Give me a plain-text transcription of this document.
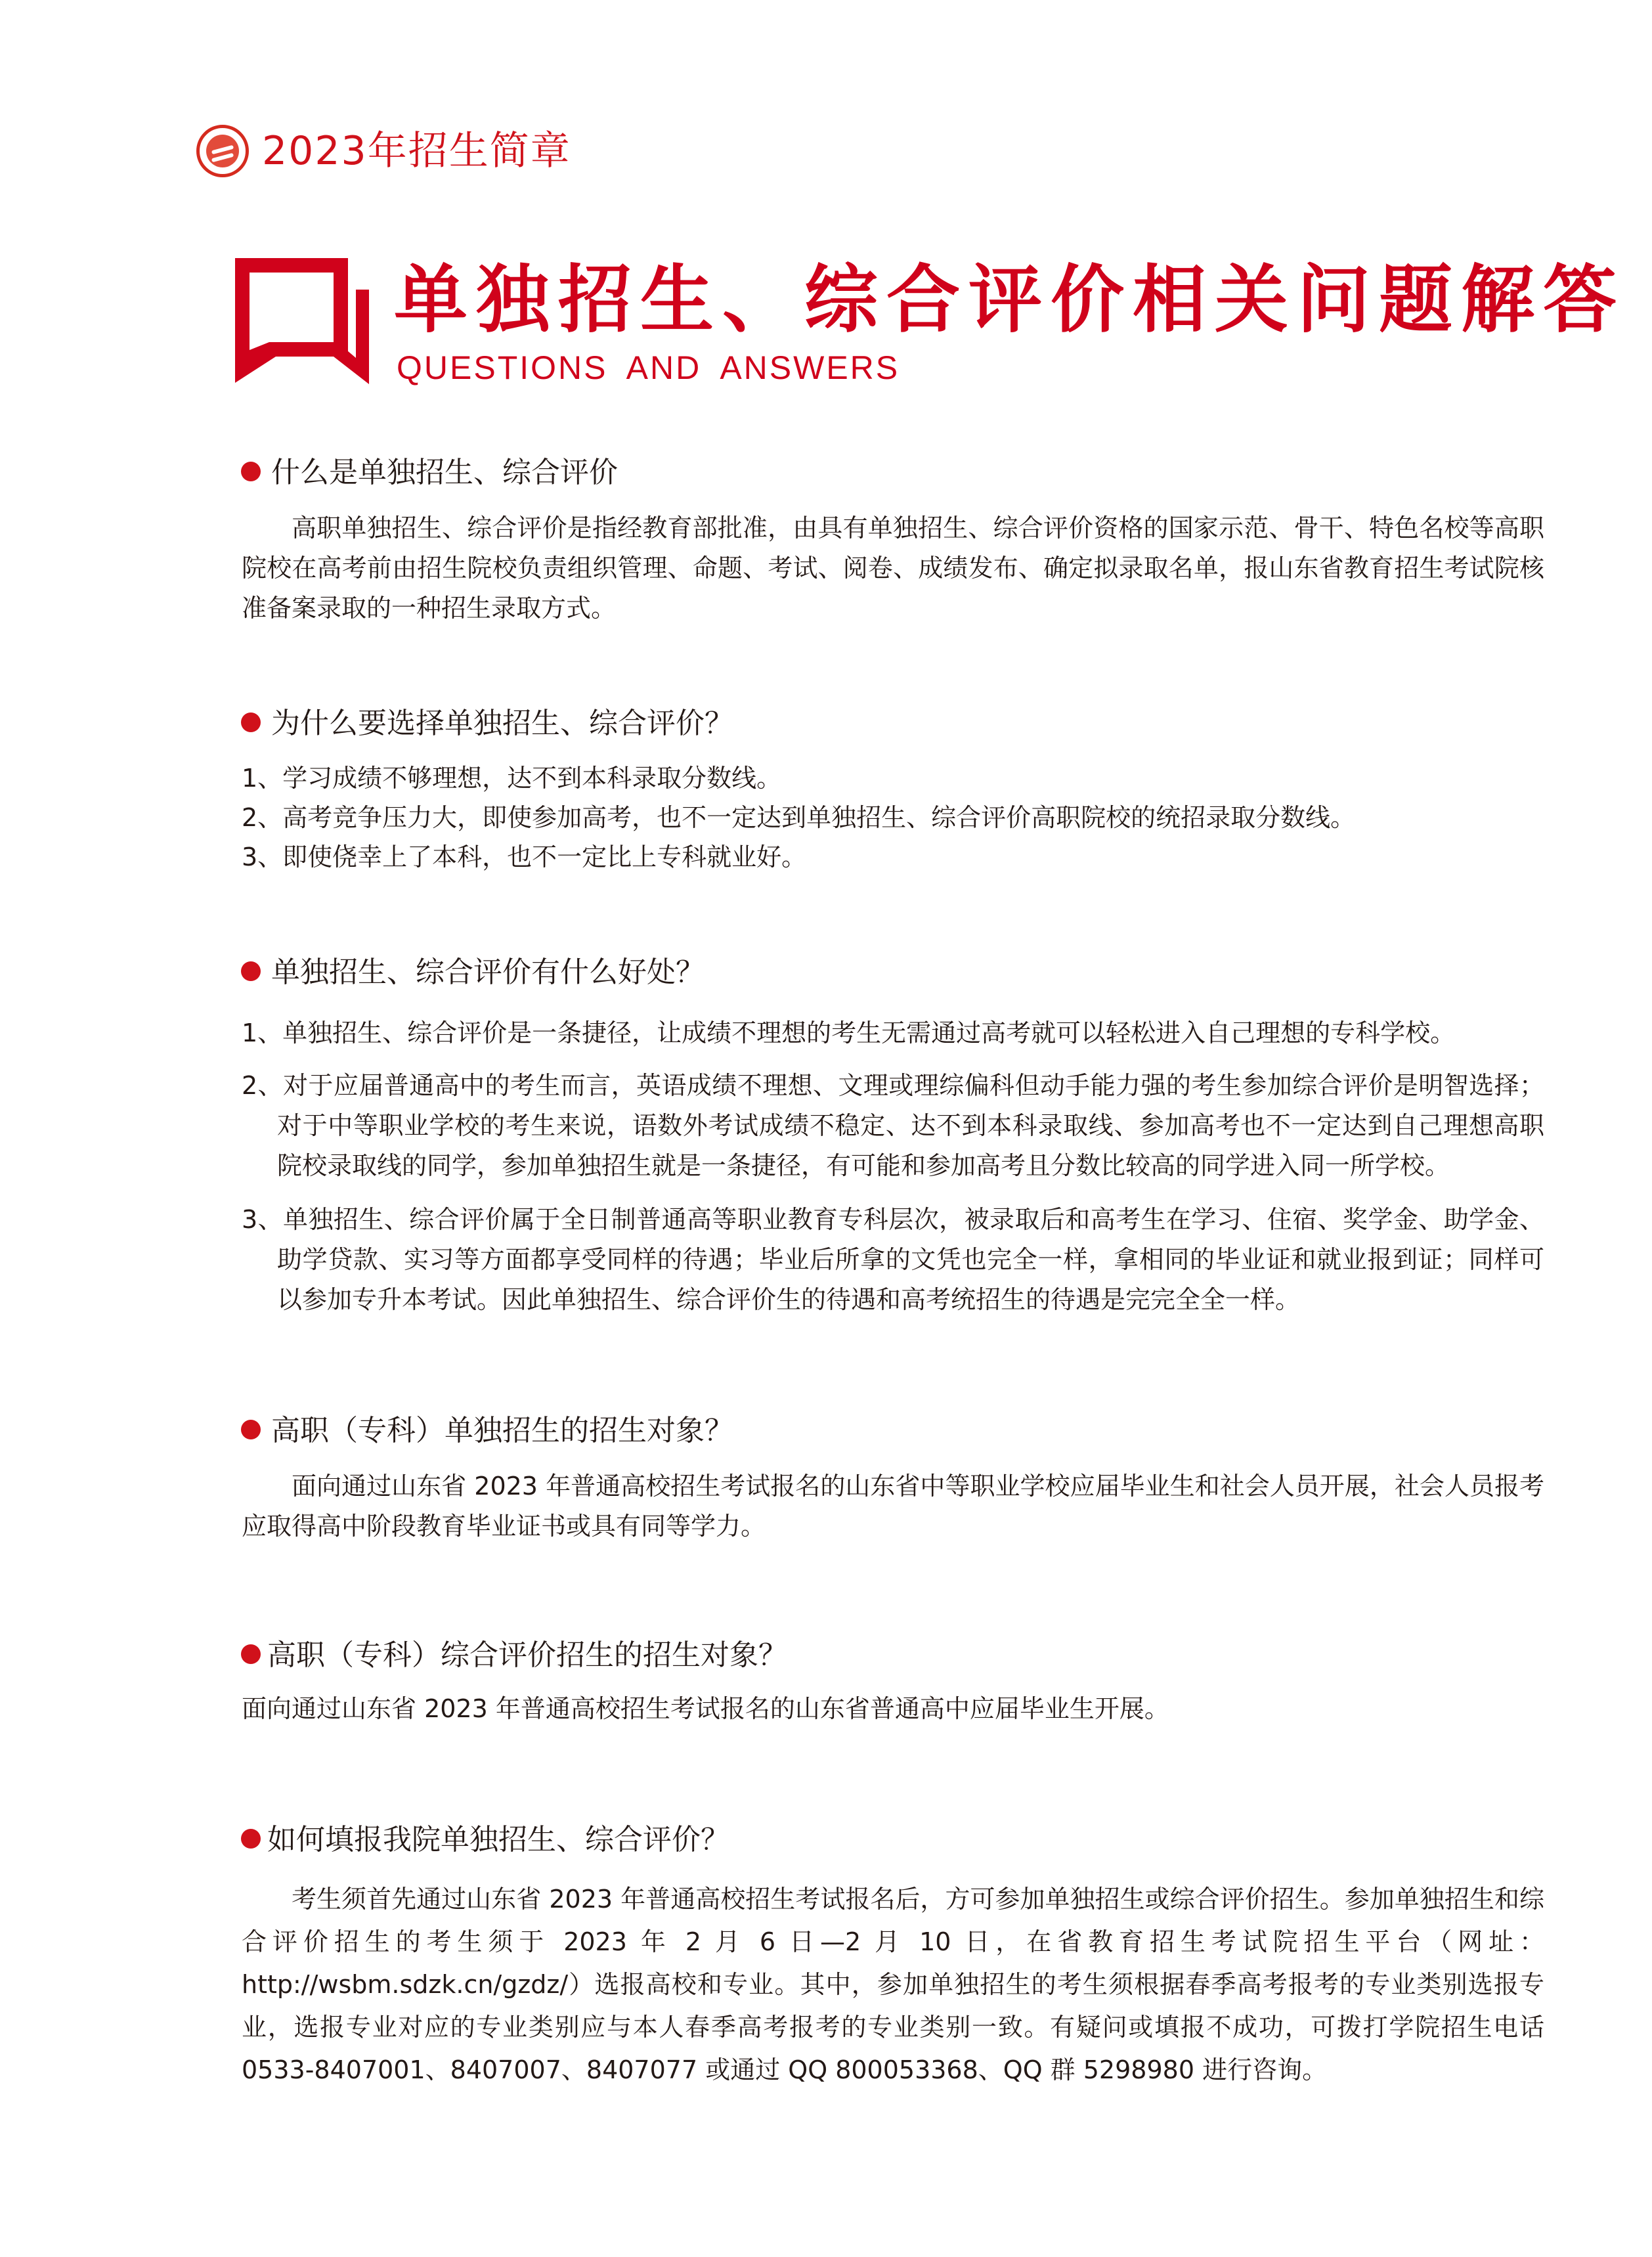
2023年招生简章
单独招生、综合评价相关问题解答
QUESTIONS AND ANSWERS
什么是单独招生、综合评价
高职单独招生、综合评价是指经教育部批准，由具有单独招生、综合评价资格的国家示范、骨干、特色名校等高职院校在高考前由招生院校负责组织管理、命题、考试、阅卷、成绩发布、确定拟录取名单，报山东省教育招生考试院核准备案录取的一种招生录取方式。
为什么要选择单独招生、综合评价？
1、学习成绩不够理想，达不到本科录取分数线。
2、高考竞争压力大，即使参加高考，也不一定达到单独招生、综合评价高职院校的统招录取分数线。
3、即使侥幸上了本科，也不一定比上专科就业好。
单独招生、综合评价有什么好处？
1、单独招生、综合评价是一条捷径，让成绩不理想的考生无需通过高考就可以轻松进入自己理想的专科学校。
2、对于应届普通高中的考生而言，英语成绩不理想、文理或理综偏科但动手能力强的考生参加综合评价是明智选择；对于中等职业学校的考生来说，语数外考试成绩不稳定、达不到本科录取线、参加高考也不一定达到自己理想高职院校录取线的同学，参加单独招生就是一条捷径，有可能和参加高考且分数比较高的同学进入同一所学校。
3、单独招生、综合评价属于全日制普通高等职业教育专科层次，被录取后和高考生在学习、住宿、奖学金、助学金、助学贷款、实习等方面都享受同样的待遇；毕业后所拿的文凭也完全一样，拿相同的毕业证和就业报到证；同样可以参加专升本考试。因此单独招生、综合评价生的待遇和高考统招生的待遇是完完全全一样。
高职（专科）单独招生的招生对象？
面向通过山东省 2023 年普通高校招生考试报名的山东省中等职业学校应届毕业生和社会人员开展，社会人员报考应取得高中阶段教育毕业证书或具有同等学力。
高职（专科）综合评价招生的招生对象？
面向通过山东省 2023 年普通高校招生考试报名的山东省普通高中应届毕业生开展。
如何填报我院单独招生、综合评价？
考生须首先通过山东省 2023 年普通高校招生考试报名后，方可参加单独招生或综合评价招生。参加单独招生和综合评价招生的考生须于 2023 年 2 月 6 日—2 月 10 日，在省教育招生考试院招生平台（网址：http://wsbm.sdzk.cn/gzdz/）选报高校和专业。其中，参加单独招生的考生须根据春季高考报考的专业类别选报专业，选报专业对应的专业类别应与本人春季高考报考的专业类别一致。有疑问或填报不成功，可拨打学院招生电话 0533-8407001、8407007、8407077 或通过 QQ 800053368、QQ 群 5298980 进行咨询。
